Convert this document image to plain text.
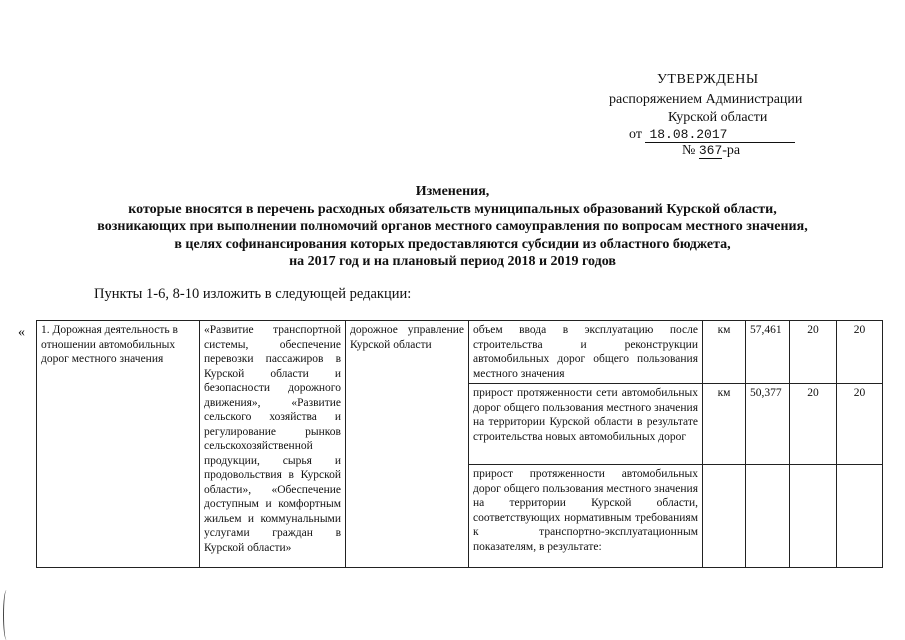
УТВЕРЖДЕНЫ
распоряжением Администрации
Курской области
от 18.08.2017
№ 367-ра
Изменения,
которые вносятся в перечень расходных обязательств муниципальных образований Курской области,
возникающих при выполнении полномочий органов местного самоуправления по вопросам местного значения,
в целях софинансирования которых предоставляются субсидии из областного бюджета,
на 2017 год и на плановый период 2018 и 2019 годов
Пункты 1-6, 8-10 изложить в следующей редакции:
« 1. Дорожная деятельность в отношении автомобильных дорог местного значения	«Развитие транспортной системы, обеспечение перевозки пассажиров в Курской области и безопасности дорожного движения», «Развитие сельского хозяйства и регулирование рынков сельскохозяйственной продукции, сырья и продовольствия в Курской области», «Обеспечение доступным и комфортным жильем и коммунальными услугами граждан в Курской области»	дорожное управление Курской области	объем ввода в эксплуатацию после строительства и реконструкции автомобильных дорог общего пользования местного значения	км	57,461	20	20
			прирост протяженности сети автомобильных дорог общего пользования местного значения на территории Курской области в результате строительства новых автомобильных дорог	км	50,377	20	20
			прирост протяженности автомобильных дорог общего пользования местного значения на территории Курской области, соответствующих нормативным требованиям к транспортно-эксплуатационным показателям, в результате:				
